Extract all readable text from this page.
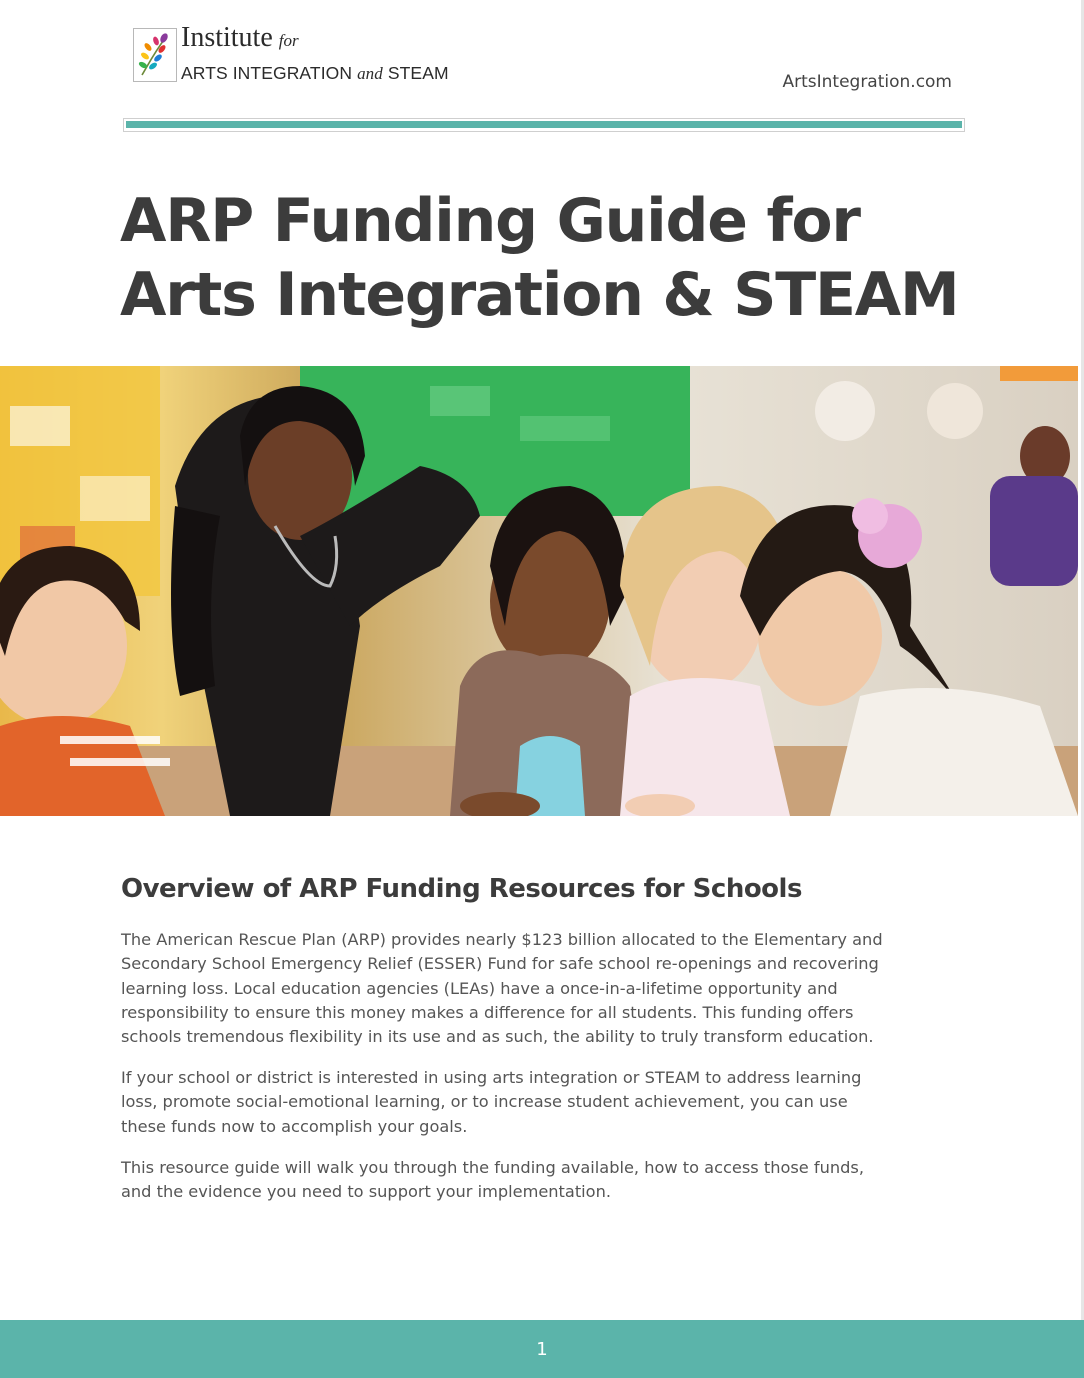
Institute for
ARTS INTEGRATION and STEAM	ArtsIntegration.com
ARP Funding Guide for
Arts Integration & STEAM
Overview of ARP Funding Resources for Schools

The American Rescue Plan (ARP) provides nearly $123 billion allocated to the Elementary and
Secondary School Emergency Relief (ESSER) Fund for safe school re-openings and recovering
learning loss. Local education agencies (LEAs) have a once-in-a-lifetime opportunity and
responsibility to ensure this money makes a difference for all students. This funding offers
schools tremendous flexibility in its use and as such, the ability to truly transform education.

If your school or district is interested in using arts integration or STEAM to address learning
loss, promote social-emotional learning, or to increase student achievement, you can use
these funds now to accomplish your goals.

This resource guide will walk you through the funding available, how to access those funds,
and the evidence you need to support your implementation.

1
